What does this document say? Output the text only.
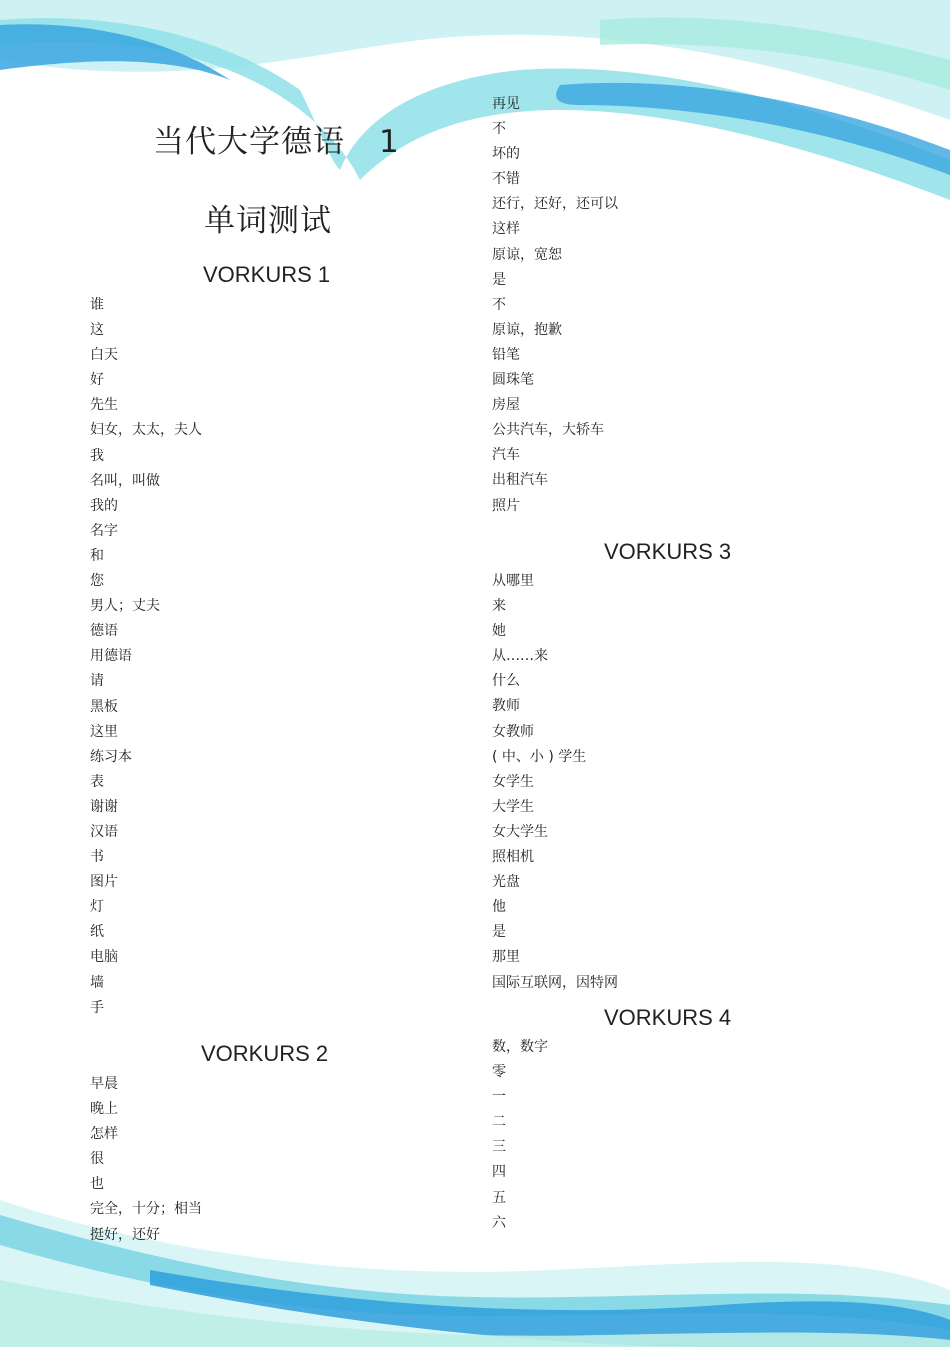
当代大学德语 1
单词测试
VORKURS 1
谁
这
白天
好
先生
妇女，太太，夫人
我
名叫，叫做
我的
名字
和
您
男人；丈夫
德语
用德语
请
黑板
这里
练习本
表
谢谢
汉语
书
图片
灯
纸
电脑
墙
手
VORKURS 2
早晨
晚上
怎样
很
也
完全，十分；相当
挺好，还好
再见
不
坏的
不错
还行，还好，还可以
这样
原谅，宽恕
是
不
原谅，抱歉
铅笔
圆珠笔
房屋
公共汽车，大轿车
汽车
出租汽车
照片
VORKURS 3
从哪里
来
她
从……来
什么
教师
女教师
( 中、小 ) 学生
女学生
大学生
女大学生
照相机
光盘
他
是
那里
国际互联网，因特网
VORKURS 4
数，数字
零
一
二
三
四
五
六
